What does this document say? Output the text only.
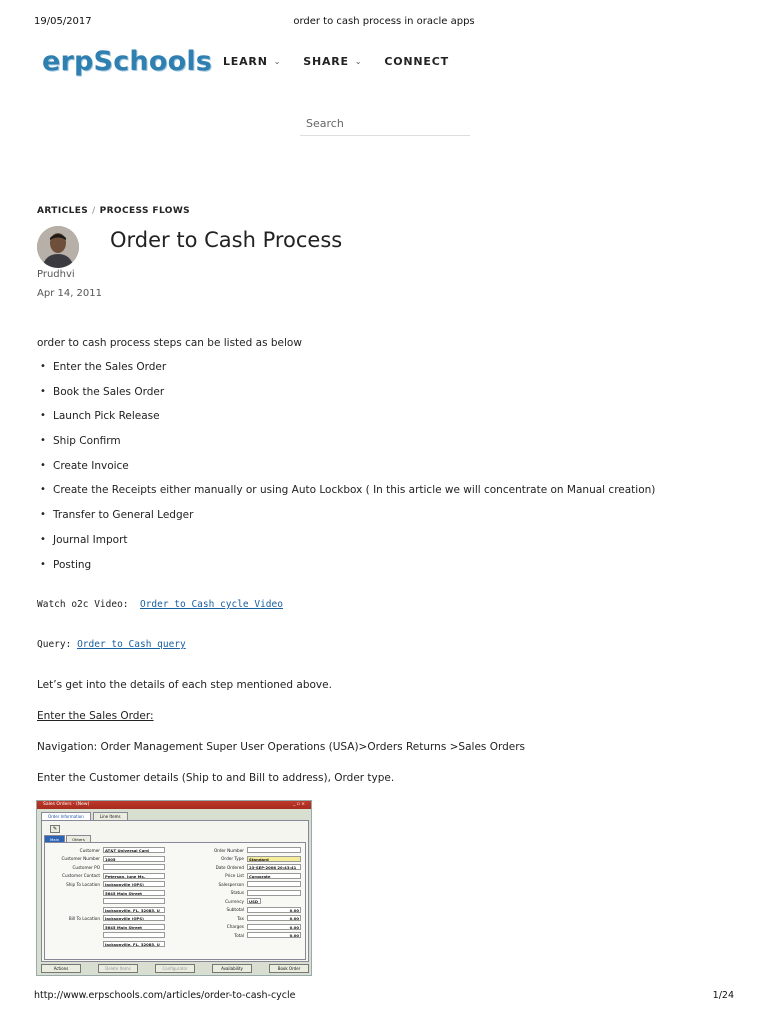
19/05/2017	order to cash process in oracle apps
erpSchools LEARN ⌄ SHARE ⌄ CONNECT
Search
ARTICLES / PROCESS FLOWS
Order to Cash Process
Prudhvi
Apr 14, 2011

order to cash process steps can be listed as below

• Enter the Sales Order
• Book the Sales Order
• Launch Pick Release
• Ship Confirm
• Create Invoice
• Create the Receipts either manually or using Auto Lockbox ( In this article we will concentrate on Manual creation)
• Transfer to General Ledger
• Journal Import
• Posting
Watch o2c Video: Order to Cash cycle Video
Query: Order to Cash query

Let’s get into the details of each step mentioned above.

Enter the Sales Order:

Navigation: Order Management Super User Operations (USA)>Orders Returns >Sales Orders

Enter the Customer details (Ship to and Bill to address), Order type.

Sales Orders - (New)	_ ▫ ×
Order Information	Line Items
✎
Main	Others
Customer	AT&T Universal Card
Customer Number	1005
Customer PO
Customer Contact	Peterson, June Ms.
Ship To Location	Jacksonville (OPS)
5645 Main Street
Jacksonville, FL, 32085, U
Bill To Location	Jacksonville (OPS)
5645 Main Street
Jacksonville, FL, 32085, U
Order Number
Order Type	Standard
Date Ordered	23-SEP-2008 20:43:41
Price List	Corporate
Salesperson
Status
Currency	USD
Subtotal	0.00
Tax	0.00
Charges	0.00
Total	0.00
Actions	Delete Items	Configurator	Availability	Book Order
http://www.erpschools.com/articles/order-to-cash-cycle	1/24
